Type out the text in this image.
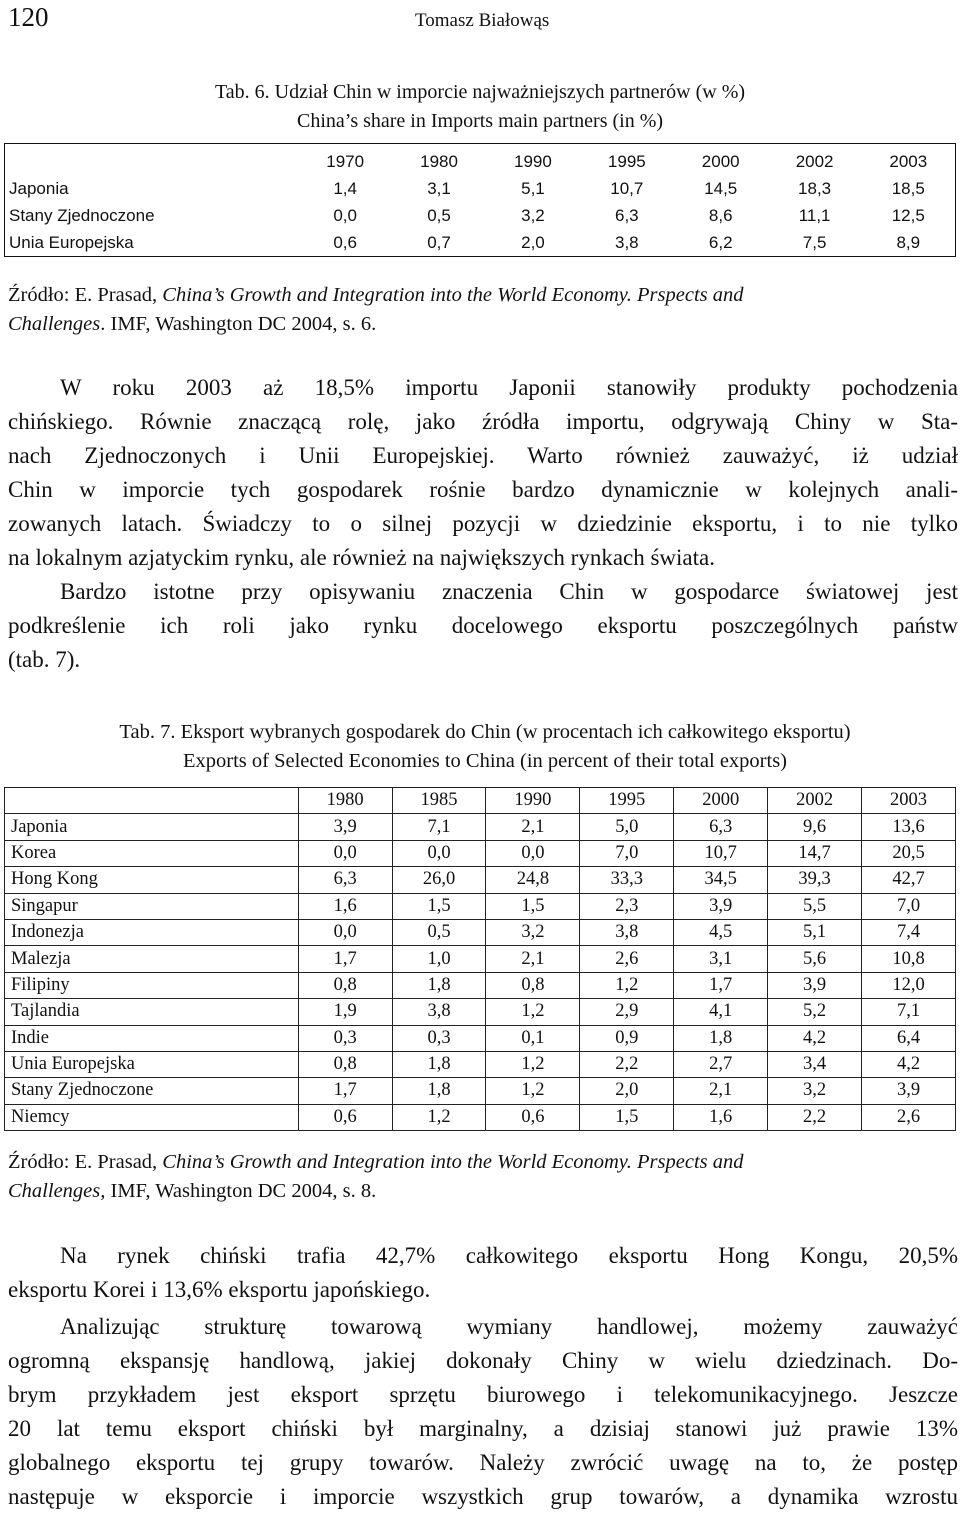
120	Tomasz Białowąs
Tab. 6. Udział Chin w imporcie najważniejszych partnerów (w %)
China’s share in Imports main partners (in %)
	1970	1980	1990	1995	2000	2002	2003
Japonia	1,4	3,1	5,1	10,7	14,5	18,3	18,5
Stany Zjednoczone	0,0	0,5	3,2	6,3	8,6	11,1	12,5
Unia Europejska	0,6	0,7	2,0	3,8	6,2	7,5	8,9
Źródło: E. Prasad, China’s Growth and Integration into the World Economy. Prspects and
Challenges. IMF, Washington DC 2004, s. 6.
W roku 2003 aż 18,5% importu Japonii stanowiły produkty pochodzenia
chińskiego. Równie znaczącą rolę, jako źródła importu, odgrywają Chiny w Sta-
nach Zjednoczonych i Unii Europejskiej. Warto również zauważyć, iż udział
Chin w imporcie tych gospodarek rośnie bardzo dynamicznie w kolejnych anali-
zowanych latach. Świadczy to o silnej pozycji w dziedzinie eksportu, i to nie tylko
na lokalnym azjatyckim rynku, ale również na największych rynkach świata.
Bardzo istotne przy opisywaniu znaczenia Chin w gospodarce światowej jest
podkreślenie ich roli jako rynku docelowego eksportu poszczególnych państw
(tab. 7).
Tab. 7. Eksport wybranych gospodarek do Chin (w procentach ich całkowitego eksportu)
Exports of Selected Economies to China (in percent of their total exports)
	1980	1985	1990	1995	2000	2002	2003
Japonia	3,9	7,1	2,1	5,0	6,3	9,6	13,6
Korea	0,0	0,0	0,0	7,0	10,7	14,7	20,5
Hong Kong	6,3	26,0	24,8	33,3	34,5	39,3	42,7
Singapur	1,6	1,5	1,5	2,3	3,9	5,5	7,0
Indonezja	0,0	0,5	3,2	3,8	4,5	5,1	7,4
Malezja	1,7	1,0	2,1	2,6	3,1	5,6	10,8
Filipiny	0,8	1,8	0,8	1,2	1,7	3,9	12,0
Tajlandia	1,9	3,8	1,2	2,9	4,1	5,2	7,1
Indie	0,3	0,3	0,1	0,9	1,8	4,2	6,4
Unia Europejska	0,8	1,8	1,2	2,2	2,7	3,4	4,2
Stany Zjednoczone	1,7	1,8	1,2	2,0	2,1	3,2	3,9
Niemcy	0,6	1,2	0,6	1,5	1,6	2,2	2,6
Źródło: E. Prasad, China’s Growth and Integration into the World Economy. Prspects and
Challenges, IMF, Washington DC 2004, s. 8.
Na rynek chiński trafia 42,7% całkowitego eksportu Hong Kongu, 20,5%
eksportu Korei i 13,6% eksportu japońskiego.
Analizując strukturę towarową wymiany handlowej, możemy zauważyć
ogromną ekspansję handlową, jakiej dokonały Chiny w wielu dziedzinach. Do-
brym przykładem jest eksport sprzętu biurowego i telekomunikacyjnego. Jeszcze
20 lat temu eksport chiński był marginalny, a dzisiaj stanowi już prawie 13%
globalnego eksportu tej grupy towarów. Należy zwrócić uwagę na to, że postęp
następuje w eksporcie i imporcie wszystkich grup towarów, a dynamika wzrostu
